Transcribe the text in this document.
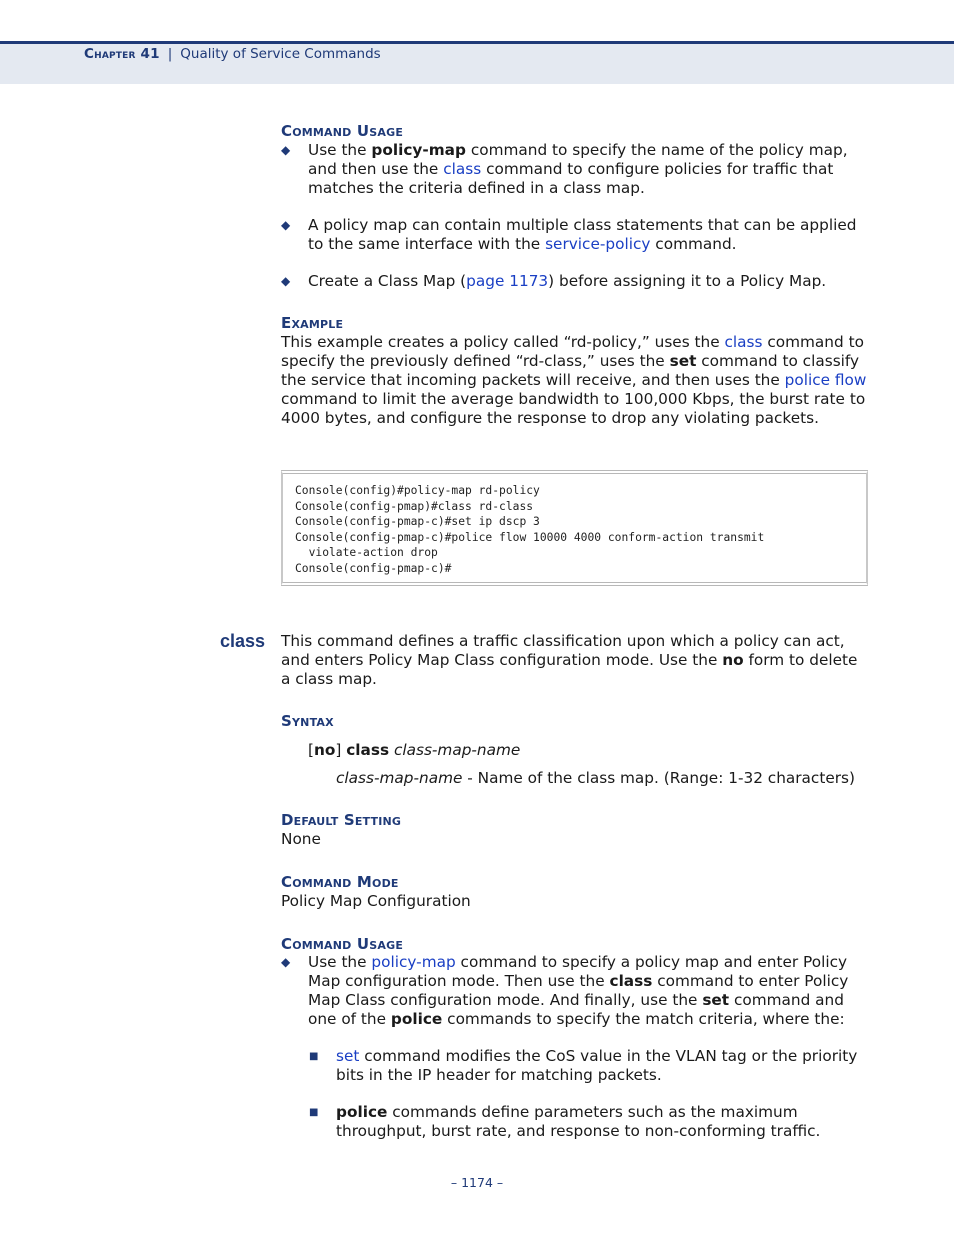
Chapter 41 | Quality of Service Commands
Command Usage
◆ Use the policy-map command to specify the name of the policy map, and then use the class command to configure policies for traffic that matches the criteria defined in a class map.
◆ A policy map can contain multiple class statements that can be applied to the same interface with the service-policy command.
◆ Create a Class Map (page 1173) before assigning it to a Policy Map.
Example
This example creates a policy called “rd-policy,” uses the class command to specify the previously defined “rd-class,” uses the set command to classify the service that incoming packets will receive, and then uses the police flow command to limit the average bandwidth to 100,000 Kbps, the burst rate to 4000 bytes, and configure the response to drop any violating packets.
Console(config)#policy-map rd-policy
Console(config-pmap)#class rd-class
Console(config-pmap-c)#set ip dscp 3
Console(config-pmap-c)#police flow 10000 4000 conform-action transmit
violate-action drop
Console(config-pmap-c)#
class This command defines a traffic classification upon which a policy can act, and enters Policy Map Class configuration mode. Use the no form to delete a class map.
Syntax
[no] class class-map-name
class-map-name - Name of the class map. (Range: 1-32 characters)
Default Setting
None
Command Mode
Policy Map Configuration
Command Usage
◆ Use the policy-map command to specify a policy map and enter Policy Map configuration mode. Then use the class command to enter Policy Map Class configuration mode. And finally, use the set command and one of the police commands to specify the match criteria, where the:
■ set command modifies the CoS value in the VLAN tag or the priority bits in the IP header for matching packets.
■ police commands define parameters such as the maximum throughput, burst rate, and response to non-conforming traffic.
– 1174 –
